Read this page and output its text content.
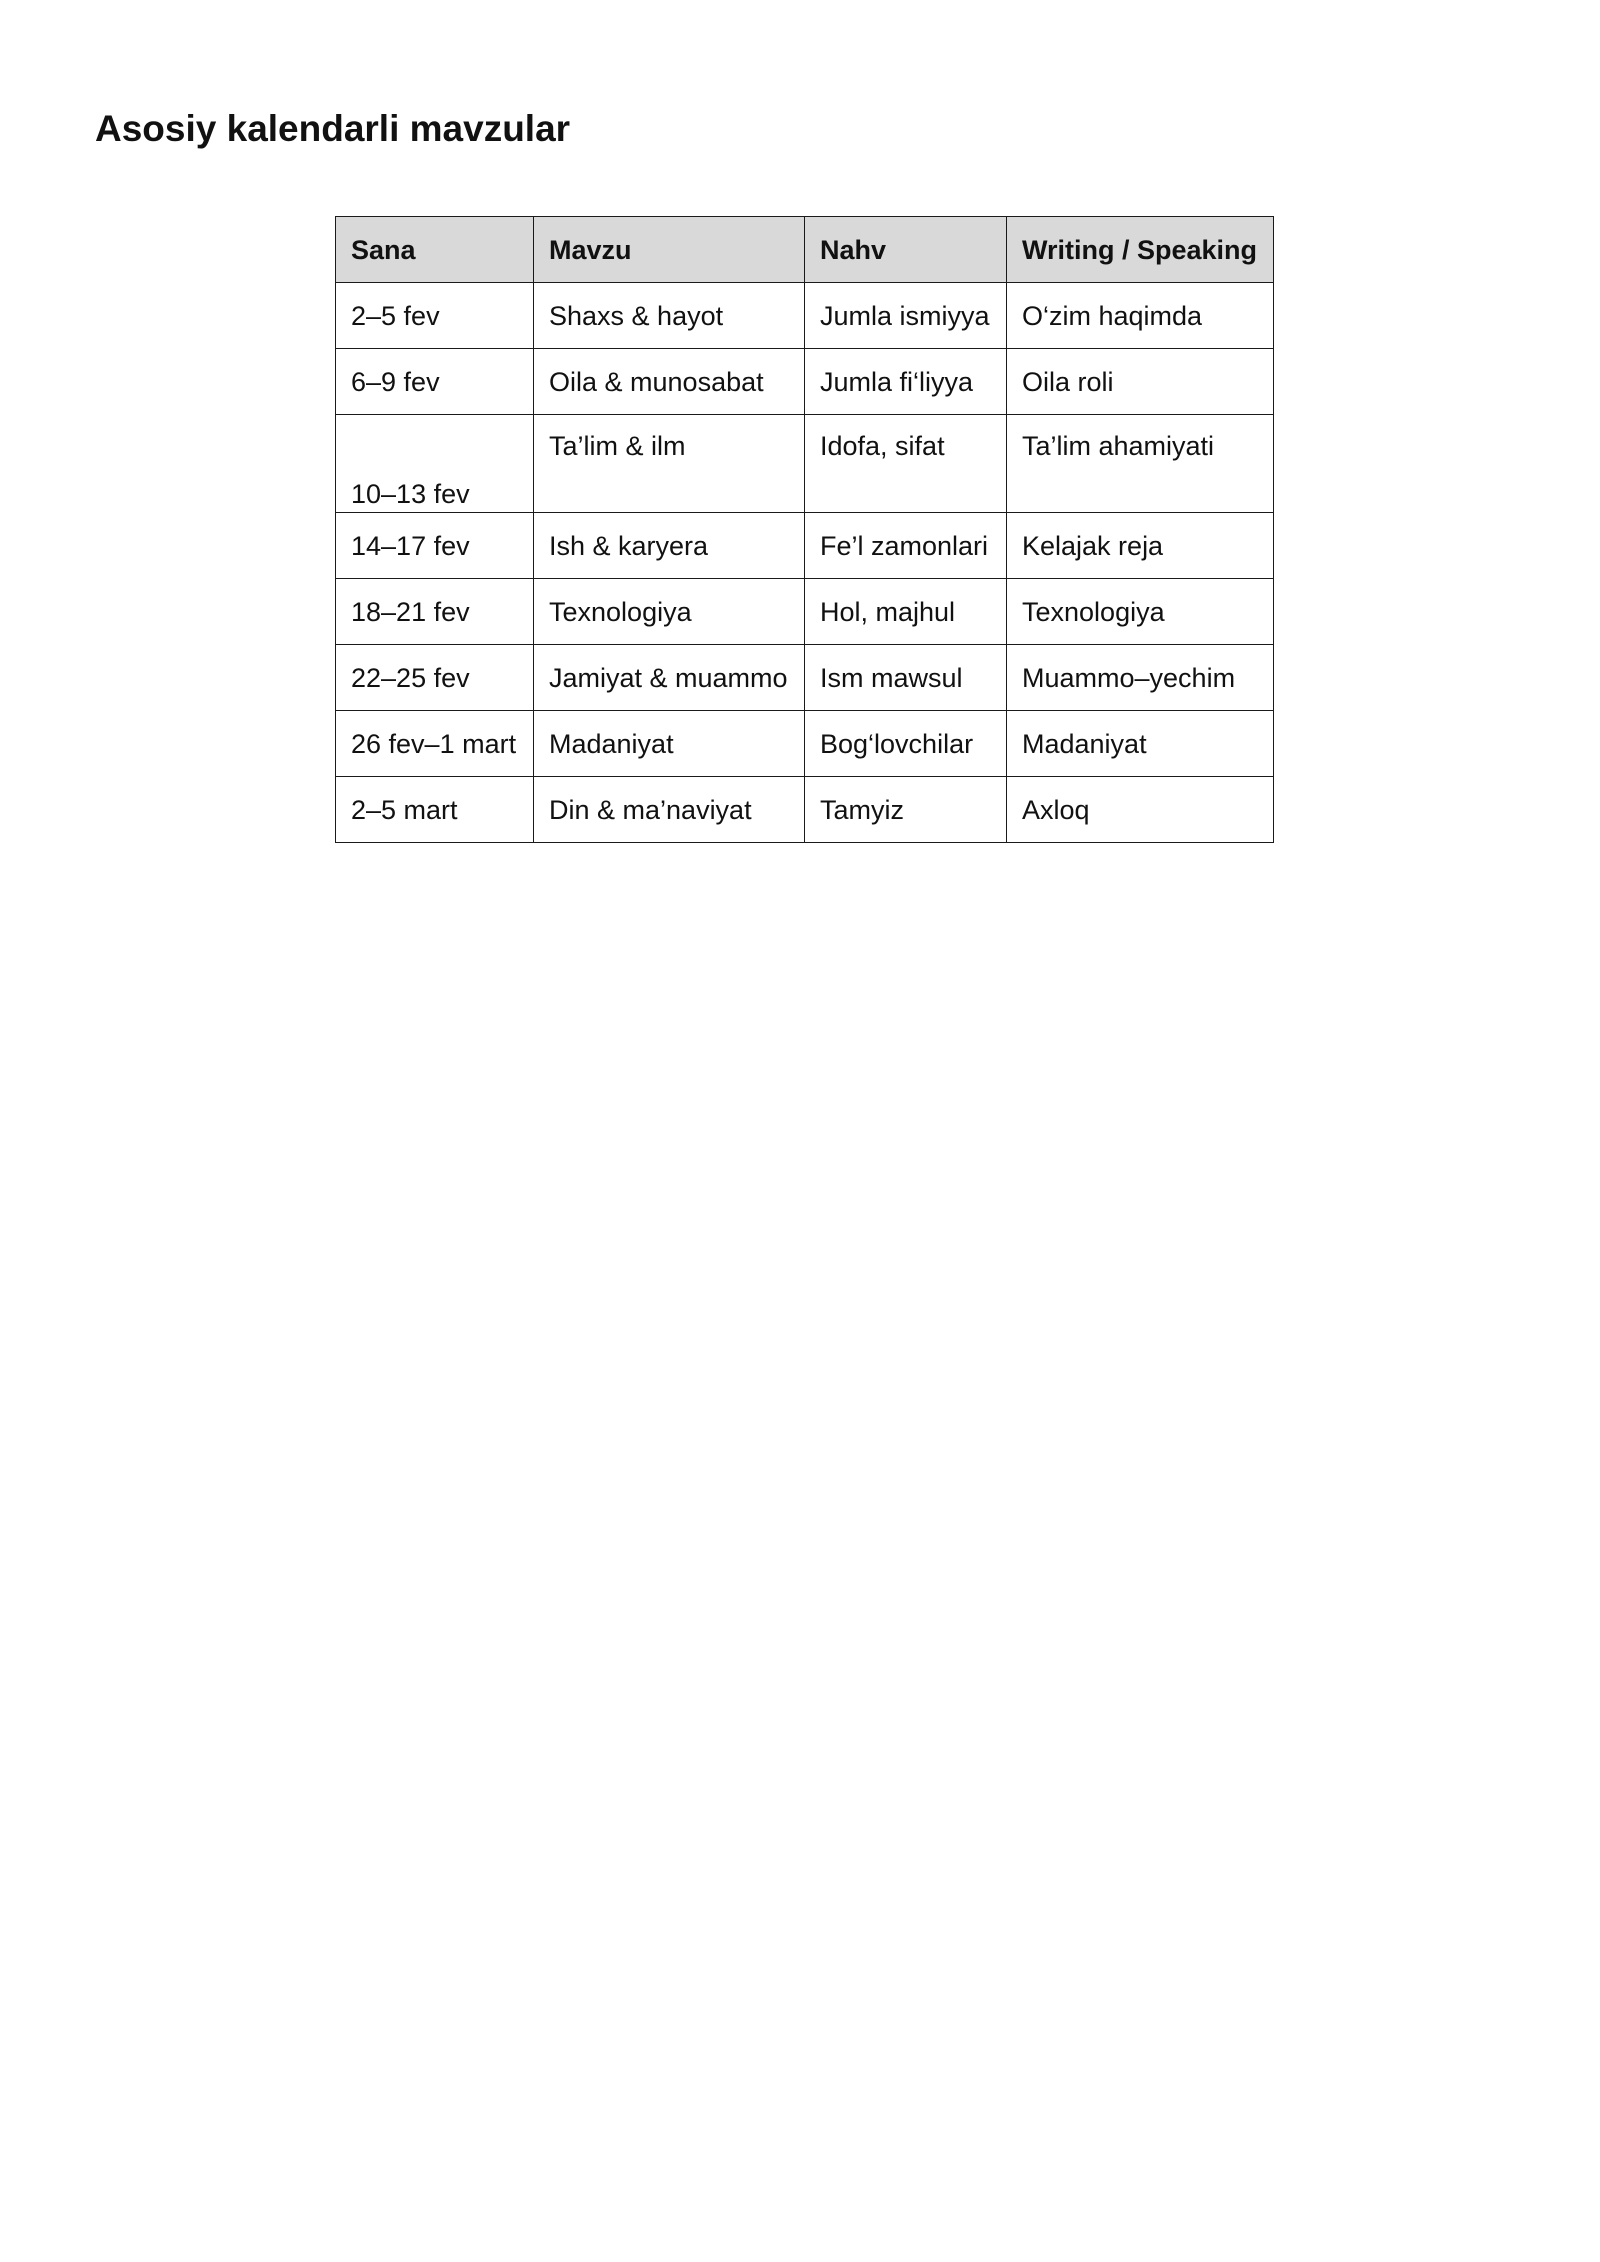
Asosiy kalendarli mavzular
Sana	Mavzu	Nahv	Writing / Speaking
2–5 fev	Shaxs & hayot	Jumla ismiyya	O‘zim haqimda
6–9 fev	Oila & munosabat	Jumla fi‘liyya	Oila roli
10–13 fev	Ta’lim & ilm	Idofa, sifat	Ta’lim ahamiyati
14–17 fev	Ish & karyera	Fe’l zamonlari	Kelajak reja
18–21 fev	Texnologiya	Hol, majhul	Texnologiya
22–25 fev	Jamiyat & muammo	Ism mawsul	Muammo–yechim
26 fev–1 mart	Madaniyat	Bog‘lovchilar	Madaniyat
2–5 mart	Din & ma’naviyat	Tamyiz	Axloq
